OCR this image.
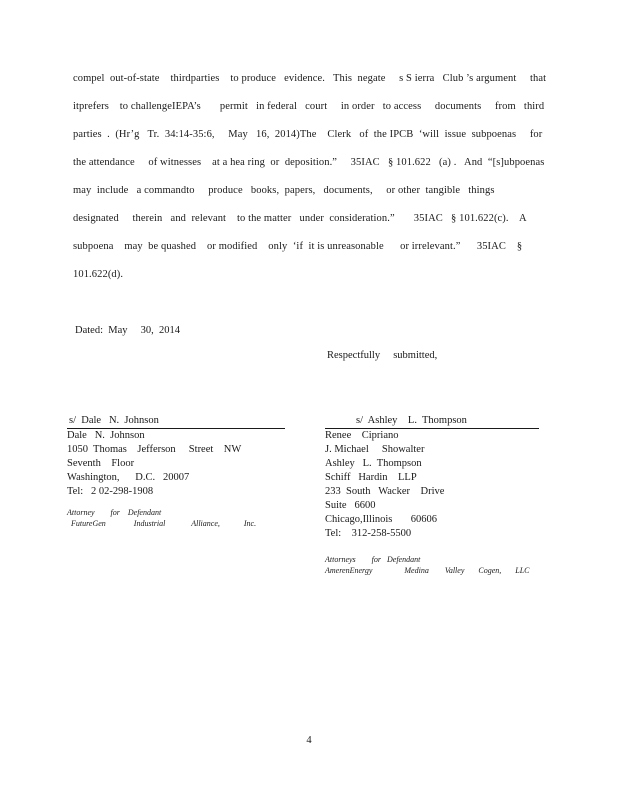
compel  out-of-state    thirdparties    to produce   evidence.   This  negate     s S ierra   Club ’s argument     that
itprefers    to challengeIEPA’s       permit   in federal   court     in order   to access     documents     from   third
parties  .  (Hr’g   Tr.  34:14-35:6,     May   16,  2014)The    Clerk   of  the IPCB  ‘will  issue  subpoenas     for
the attendance     of witnesses    at a hea ring  or  deposition.”     35IAC   § 101.622   (a) .   And  “[s]ubpoenas
may  include   a commandto     produce   books,  papers,   documents,     or other  tangible   things
designated     therein   and  relevant    to the matter   under  consideration.”       35IAC   § 101.622(c).    A
subpoena    may  be quashed    or modified    only  ‘if  it is unreasonable      or irrelevant.”      35IAC    §
101.622(d).
Dated:  May     30,  2014
Respectfully     submitted,
s/  Dale   N.  Johnson
Dale   N.  Johnson
1050  Thomas    Jefferson     Street    NW
Seventh    Floor
Washington,      D.C.   20007
Tel:   2 02-298-1908
Attorney        for    Defendant
FutureGen              Industrial             Alliance,            Inc.
s/  Ashley    L.  Thompson
Renee    Cipriano
J. Michael     Showalter
Ashley   L.  Thompson
Schiff   Hardin    LLP
233  South   Wacker    Drive
Suite   6600
Chicago,Illinois       60606
Tel:    312-258-5500
Attorneys        for   Defendant
AmerenEnergy                Medina        Valley       Cogen,       LLC
4
